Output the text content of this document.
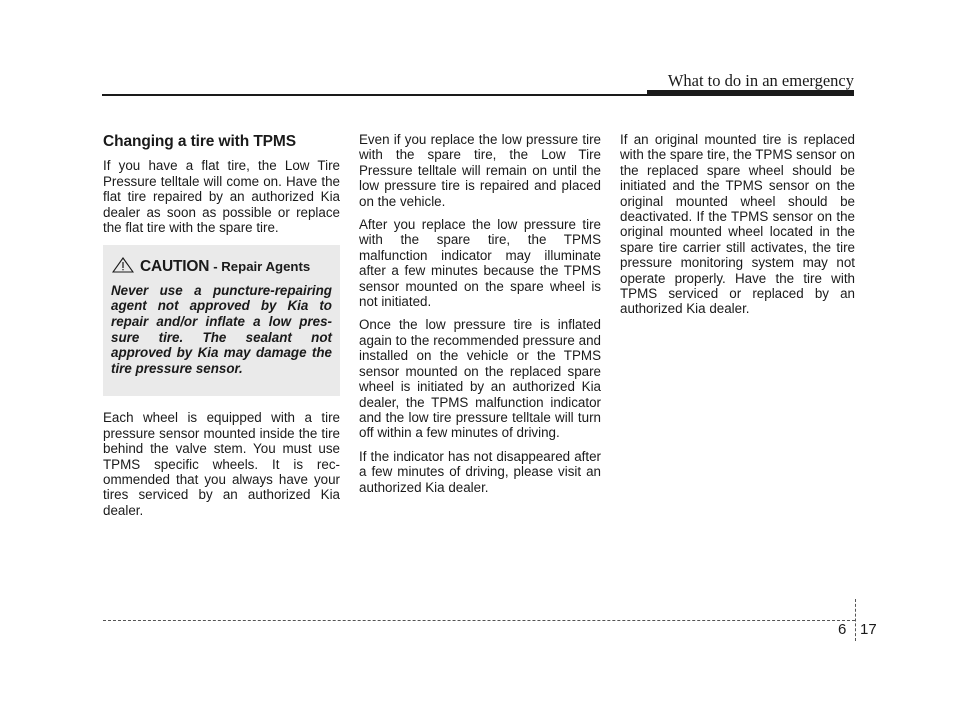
What to do in an emergency
Changing a tire with TPMS

If you have a flat tire, the Low Tire Pressure telltale will come on. Have the flat tire repaired by an authorized Kia dealer as soon as possible or replace the flat tire with the spare tire.

CAUTION - Repair Agents

Never use a puncture-repairing agent not approved by Kia to repair and/or inflate a low pres- sure tire. The sealant not approved by Kia may damage the tire pressure sensor.

Each wheel is equipped with a tire pressure sensor mounted inside the tire behind the valve stem. You must use TPMS specific wheels. It is rec- ommended that you always have your tires serviced by an authorized Kia dealer.

Even if you replace the low pressure tire with the spare tire, the Low Tire Pressure telltale will remain on until the low pressure tire is repaired and placed on the vehicle.

After you replace the low pressure tire with the spare tire, the TPMS malfunction indicator may illuminate after a few minutes because the TPMS sensor mounted on the spare wheel is not initiated.

Once the low pressure tire is inflated again to the recommended pressure and installed on the vehicle or the TPMS sensor mounted on the replaced spare wheel is initiated by an authorized Kia dealer, the TPMS malfunction indicator and the low tire pressure telltale will turn off within a few minutes of driving.

If the indicator has not disappeared after a few minutes of driving, please visit an authorized Kia dealer.

If an original mounted tire is replaced with the spare tire, the TPMS sensor on the replaced spare wheel should be initiated and the TPMS sensor on the original mounted wheel should be deactivated. If the TPMS sensor on the original mounted wheel located in the spare tire carrier still activates, the tire pressure monitoring system may not operate properly. Have the tire with TPMS serviced or replaced by an authorized Kia dealer.

6 17
